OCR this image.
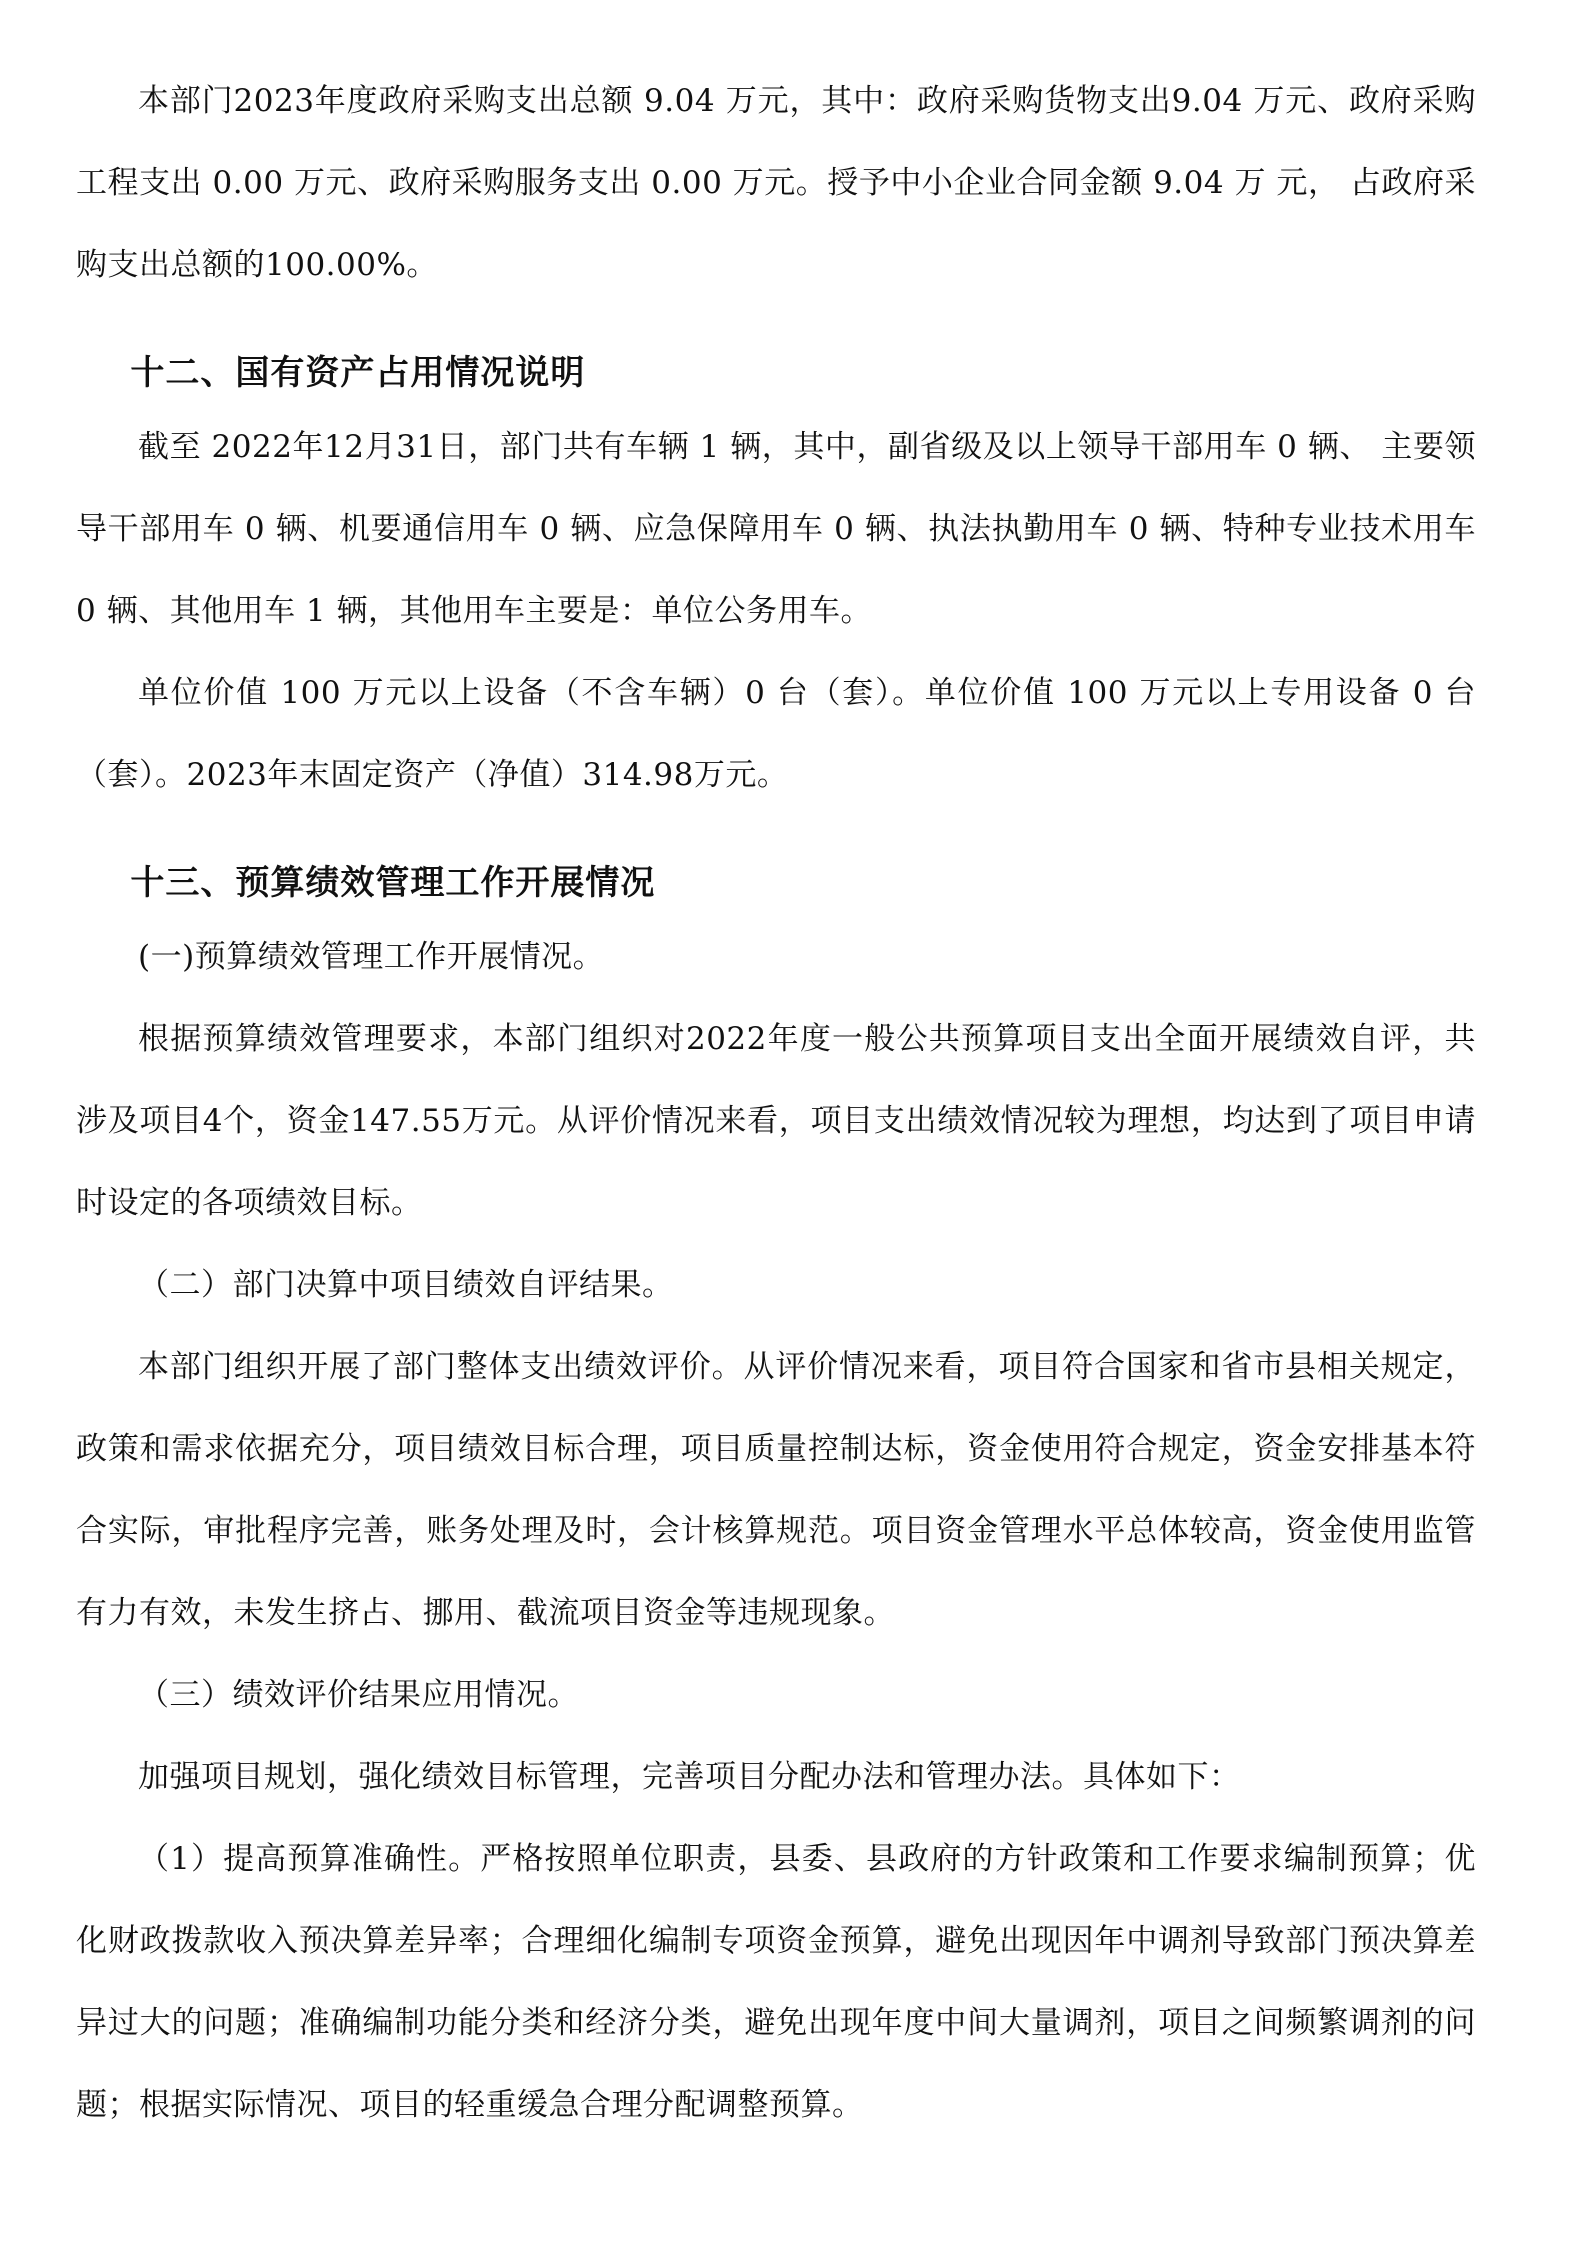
本部门2023年度政府采购支出总额 9.04 万元，其中：政府采购货物支出9.04 万元、政府采购工程支出 0.00 万元、政府采购服务支出 0.00 万元。授予中小企业合同金额 9.04 万 元， 占政府采购支出总额的100.00%。

十二、国有资产占用情况说明

截至 2022年12月31日，部门共有车辆 1 辆，其中，副省级及以上领导干部用车 0 辆、 主要领导干部用车 0 辆、机要通信用车 0 辆、应急保障用车 0 辆、执法执勤用车 0 辆、特种专业技术用车 0 辆、其他用车 1 辆，其他用车主要是：单位公务用车。

单位价值 100 万元以上设备（不含车辆）0 台（套）。单位价值 100 万元以上专用设备 0 台（套）。2023年末固定资产（净值）314.98万元。

十三、预算绩效管理工作开展情况

(一)预算绩效管理工作开展情况。

根据预算绩效管理要求，本部门组织对2022年度一般公共预算项目支出全面开展绩效自评，共涉及项目4个，资金147.55万元。从评价情况来看，项目支出绩效情况较为理想，均达到了项目申请时设定的各项绩效目标。

（二）部门决算中项目绩效自评结果。

本部门组织开展了部门整体支出绩效评价。从评价情况来看，项目符合国家和省市县相关规定，政策和需求依据充分，项目绩效目标合理，项目质量控制达标，资金使用符合规定，资金安排基本符合实际，审批程序完善，账务处理及时，会计核算规范。项目资金管理水平总体较高，资金使用监管有力有效，未发生挤占、挪用、截流项目资金等违规现象。

（三）绩效评价结果应用情况。

加强项目规划，强化绩效目标管理，完善项目分配办法和管理办法。具体如下：

（1）提高预算准确性。严格按照单位职责，县委、县政府的方针政策和工作要求编制预算；优化财政拨款收入预决算差异率；合理细化编制专项资金预算，避免出现因年中调剂导致部门预决算差异过大的问题；准确编制功能分类和经济分类，避免出现年度中间大量调剂，项目之间频繁调剂的问题；根据实际情况、项目的轻重缓急合理分配调整预算。
